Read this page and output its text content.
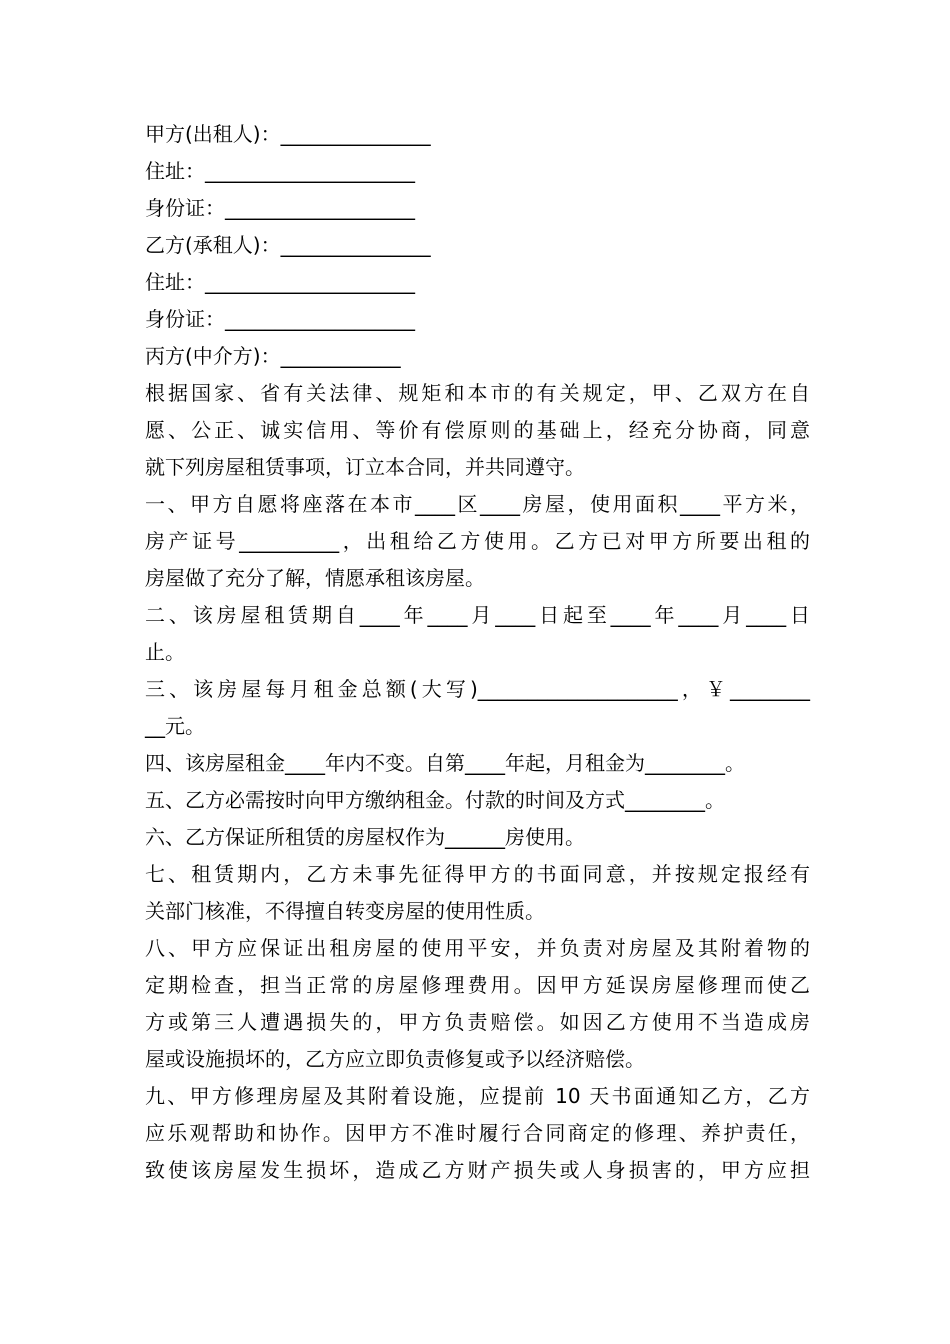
甲方(出租人)：_______________
住址：_____________________
身份证：___________________
乙方(承租人)：_______________
住址：_____________________
身份证：___________________
丙方(中介方)：____________
根据国家、省有关法律、规矩和本市的有关规定，甲、乙双方在自
愿、公正、诚实信用、等价有偿原则的基础上，经充分协商，同意
就下列房屋租赁事项，订立本合同，并共同遵守。
一、甲方自愿将座落在本市____区____房屋，使用面积____平方米，
房产证号__________，出租给乙方使用。乙方已对甲方所要出租的
房屋做了充分了解，情愿承租该房屋。
二、该房屋租赁期自____年____月____日起至____年____月____日
止。
三、该房屋每月租金总额(大写)____________________，￥________
__元。
四、该房屋租金____年内不变。自第____年起，月租金为________。
五、乙方必需按时向甲方缴纳租金。付款的时间及方式________。
六、乙方保证所租赁的房屋权作为______房使用。
七、租赁期内，乙方未事先征得甲方的书面同意，并按规定报经有
关部门核准，不得擅自转变房屋的使用性质。
八、甲方应保证出租房屋的使用平安，并负责对房屋及其附着物的
定期检查，担当正常的房屋修理费用。因甲方延误房屋修理而使乙
方或第三人遭遇损失的，甲方负责赔偿。如因乙方使用不当造成房
屋或设施损坏的，乙方应立即负责修复或予以经济赔偿。
九、甲方修理房屋及其附着设施，应提前 10 天书面通知乙方，乙方
应乐观帮助和协作。因甲方不准时履行合同商定的修理、养护责任，
致使该房屋发生损坏，造成乙方财产损失或人身损害的，甲方应担
